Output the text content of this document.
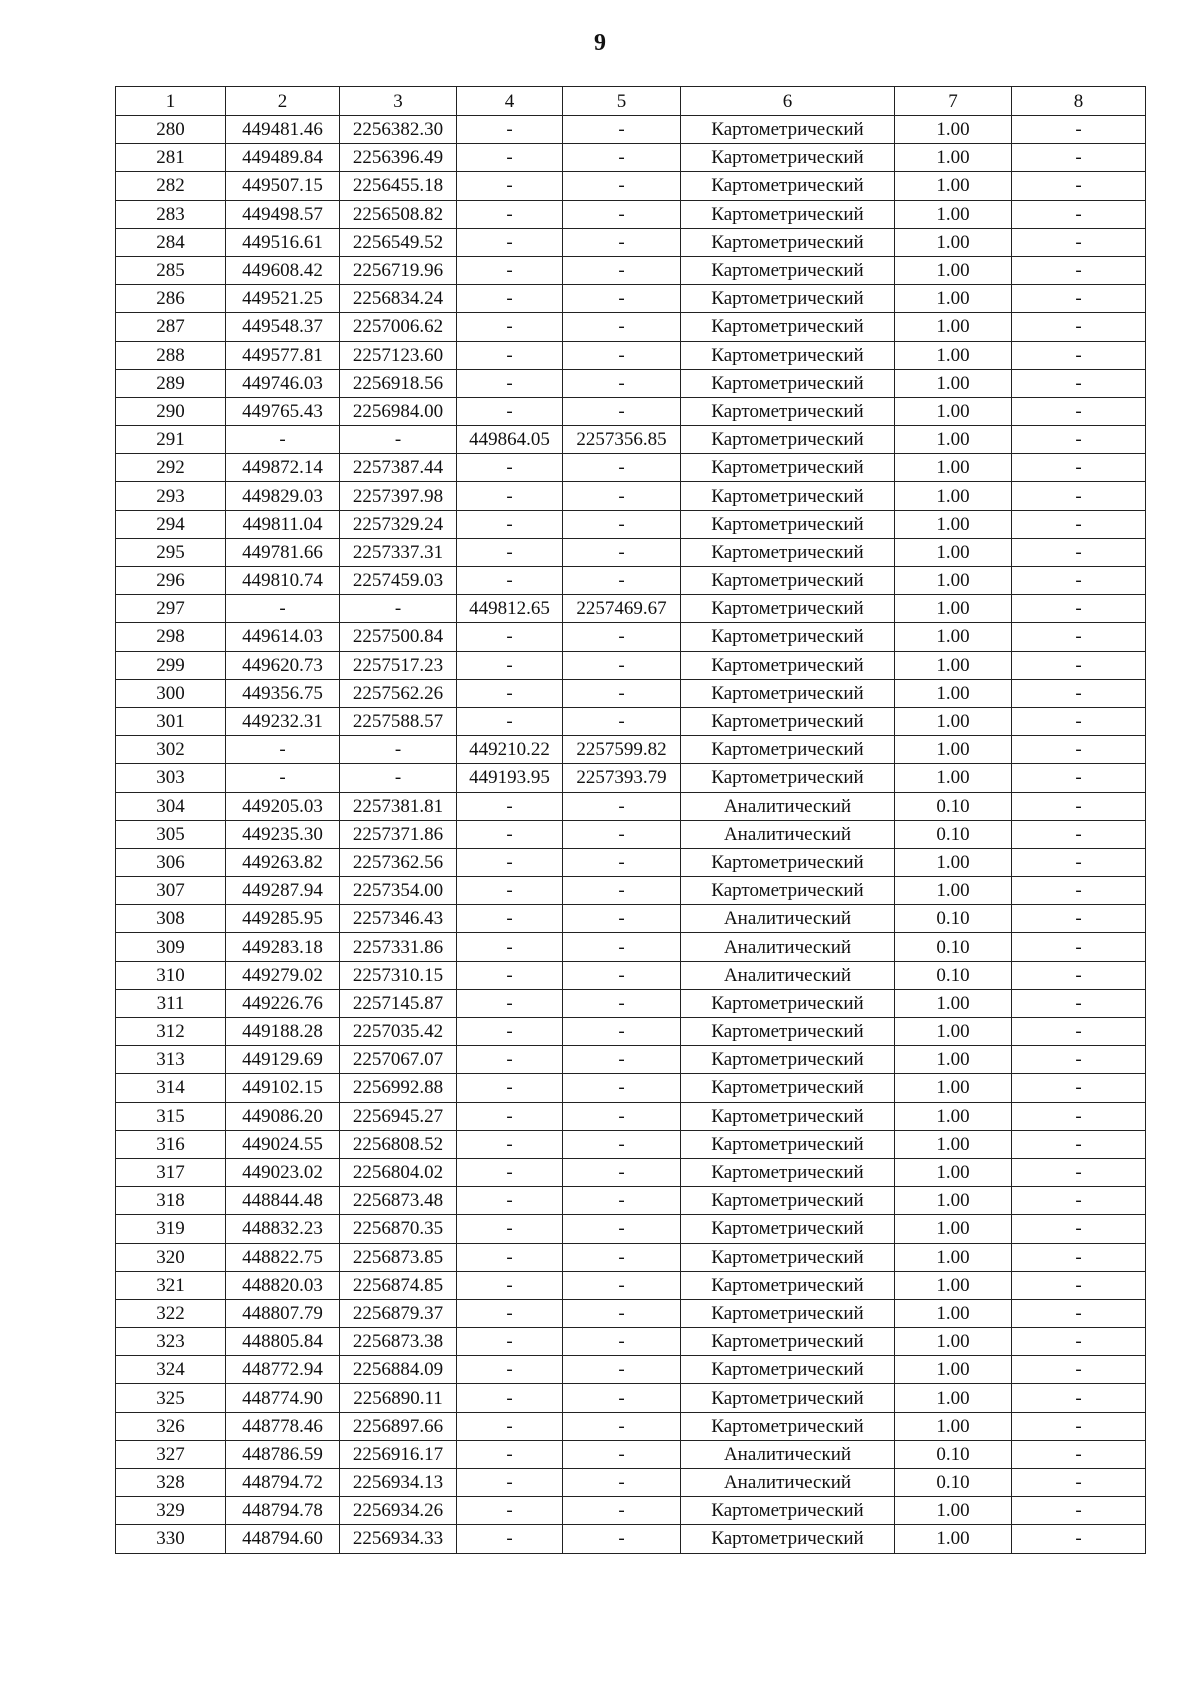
9
1	2	3	4	5	6	7	8
280	449481.46	2256382.30	-	-	Картометрический	1.00	-
281	449489.84	2256396.49	-	-	Картометрический	1.00	-
282	449507.15	2256455.18	-	-	Картометрический	1.00	-
283	449498.57	2256508.82	-	-	Картометрический	1.00	-
284	449516.61	2256549.52	-	-	Картометрический	1.00	-
285	449608.42	2256719.96	-	-	Картометрический	1.00	-
286	449521.25	2256834.24	-	-	Картометрический	1.00	-
287	449548.37	2257006.62	-	-	Картометрический	1.00	-
288	449577.81	2257123.60	-	-	Картометрический	1.00	-
289	449746.03	2256918.56	-	-	Картометрический	1.00	-
290	449765.43	2256984.00	-	-	Картометрический	1.00	-
291	-	-	449864.05	2257356.85	Картометрический	1.00	-
292	449872.14	2257387.44	-	-	Картометрический	1.00	-
293	449829.03	2257397.98	-	-	Картометрический	1.00	-
294	449811.04	2257329.24	-	-	Картометрический	1.00	-
295	449781.66	2257337.31	-	-	Картометрический	1.00	-
296	449810.74	2257459.03	-	-	Картометрический	1.00	-
297	-	-	449812.65	2257469.67	Картометрический	1.00	-
298	449614.03	2257500.84	-	-	Картометрический	1.00	-
299	449620.73	2257517.23	-	-	Картометрический	1.00	-
300	449356.75	2257562.26	-	-	Картометрический	1.00	-
301	449232.31	2257588.57	-	-	Картометрический	1.00	-
302	-	-	449210.22	2257599.82	Картометрический	1.00	-
303	-	-	449193.95	2257393.79	Картометрический	1.00	-
304	449205.03	2257381.81	-	-	Аналитический	0.10	-
305	449235.30	2257371.86	-	-	Аналитический	0.10	-
306	449263.82	2257362.56	-	-	Картометрический	1.00	-
307	449287.94	2257354.00	-	-	Картометрический	1.00	-
308	449285.95	2257346.43	-	-	Аналитический	0.10	-
309	449283.18	2257331.86	-	-	Аналитический	0.10	-
310	449279.02	2257310.15	-	-	Аналитический	0.10	-
311	449226.76	2257145.87	-	-	Картометрический	1.00	-
312	449188.28	2257035.42	-	-	Картометрический	1.00	-
313	449129.69	2257067.07	-	-	Картометрический	1.00	-
314	449102.15	2256992.88	-	-	Картометрический	1.00	-
315	449086.20	2256945.27	-	-	Картометрический	1.00	-
316	449024.55	2256808.52	-	-	Картометрический	1.00	-
317	449023.02	2256804.02	-	-	Картометрический	1.00	-
318	448844.48	2256873.48	-	-	Картометрический	1.00	-
319	448832.23	2256870.35	-	-	Картометрический	1.00	-
320	448822.75	2256873.85	-	-	Картометрический	1.00	-
321	448820.03	2256874.85	-	-	Картометрический	1.00	-
322	448807.79	2256879.37	-	-	Картометрический	1.00	-
323	448805.84	2256873.38	-	-	Картометрический	1.00	-
324	448772.94	2256884.09	-	-	Картометрический	1.00	-
325	448774.90	2256890.11	-	-	Картометрический	1.00	-
326	448778.46	2256897.66	-	-	Картометрический	1.00	-
327	448786.59	2256916.17	-	-	Аналитический	0.10	-
328	448794.72	2256934.13	-	-	Аналитический	0.10	-
329	448794.78	2256934.26	-	-	Картометрический	1.00	-
330	448794.60	2256934.33	-	-	Картометрический	1.00	-
